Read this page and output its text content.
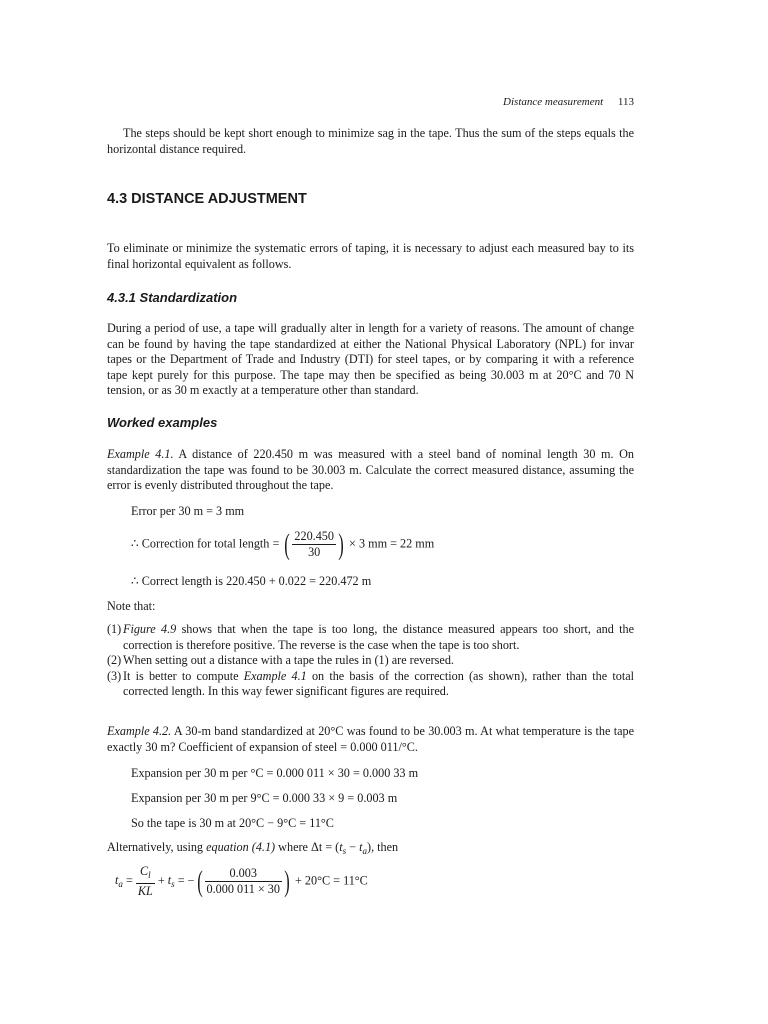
Distance measurement 113

The steps should be kept short enough to minimize sag in the tape. Thus the sum of the steps equals the horizontal distance required.

4.3 DISTANCE ADJUSTMENT

To eliminate or minimize the systematic errors of taping, it is necessary to adjust each measured bay to its final horizontal equivalent as follows.

4.3.1 Standardization

During a period of use, a tape will gradually alter in length for a variety of reasons. The amount of change can be found by having the tape standardized at either the National Physical Laboratory (NPL) for invar tapes or the Department of Trade and Industry (DTI) for steel tapes, or by comparing it with a reference tape kept purely for this purpose. The tape may then be specified as being 30.003 m at 20°C and 70 N tension, or as 30 m exactly at a temperature other than standard.

Worked examples

Example 4.1. A distance of 220.450 m was measured with a steel band of nominal length 30 m. On standardization the tape was found to be 30.003 m. Calculate the correct measured distance, assuming the error is evenly distributed throughout the tape.

Error per 30 m = 3 mm
∴ Correction for total length = ( $\frac{220.450}{30}$ ) × 3 mm = 22 mm
∴ Correct length is 220.450 + 0.022 = 220.472 m
Note that:
(1) Figure 4.9 shows that when the tape is too long, the distance measured appears too short, and the correction is therefore positive. The reverse is the case when the tape is too short.
(2) When setting out a distance with a tape the rules in (1) are reversed.
(3) It is better to compute Example 4.1 on the basis of the correction (as shown), rather than the total corrected length. In this way fewer significant figures are required.

Example 4.2. A 30-m band standardized at 20°C was found to be 30.003 m. At what temperature is the tape exactly 30 m? Coefficient of expansion of steel = 0.000 011/°C.

Expansion per 30 m per °C = 0.000 011 × 30 = 0.000 33 m
Expansion per 30 m per 9°C = 0.000 33 × 9 = 0.003 m
So the tape is 30 m at 20°C − 9°C = 11°C
Alternatively, using equation (4.1) where $\Delta t = (t_s - t_a)$, then
$t_a = \frac{C_l}{KL} + t_s$ = −( $\frac{0.003}{0.000 011 \times 30}$ ) + 20°C = 11°C
